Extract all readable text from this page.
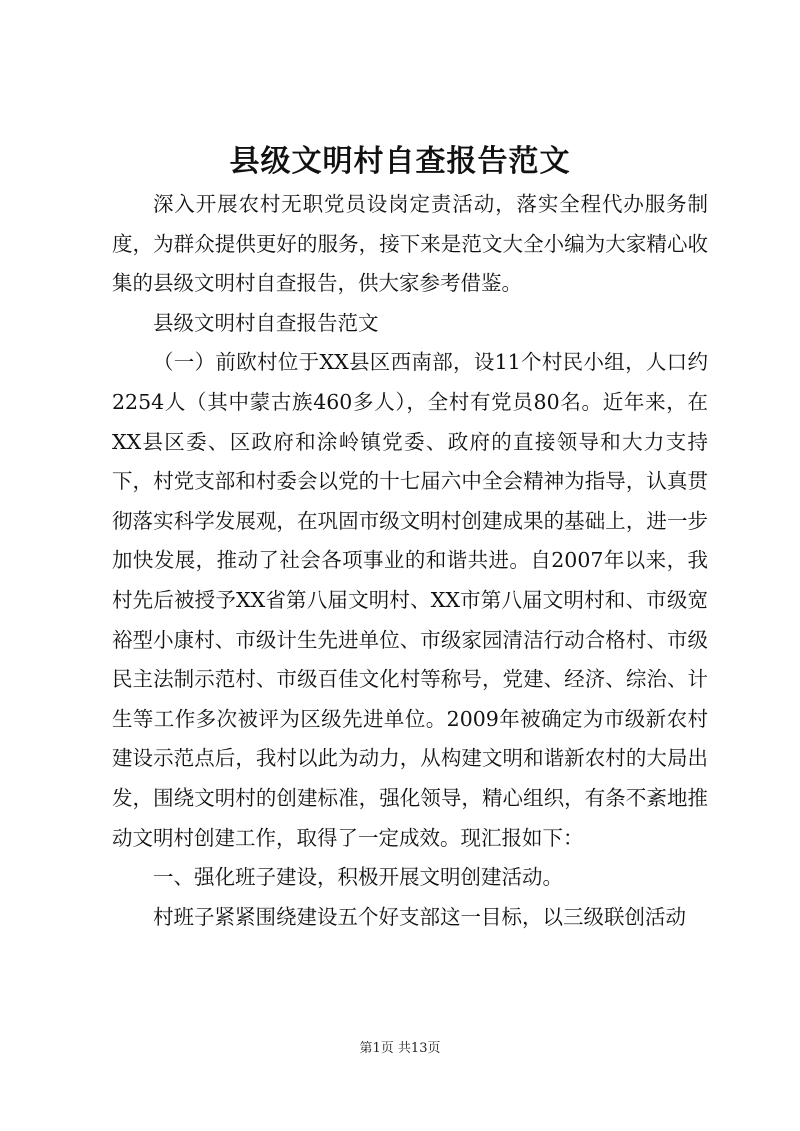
县级文明村自查报告范文

深入开展农村无职党员设岗定责活动，落实全程代办服务制度，为群众提供更好的服务，接下来是范文大全小编为大家精心收集的县级文明村自查报告，供大家参考借鉴。

县级文明村自查报告范文

（一）前欧村位于XX县区西南部，设11个村民小组，人口约2254人（其中蒙古族460多人），全村有党员80名。近年来，在XX县区委、区政府和涂岭镇党委、政府的直接领导和大力支持下，村党支部和村委会以党的十七届六中全会精神为指导，认真贯彻落实科学发展观，在巩固市级文明村创建成果的基础上，进一步加快发展，推动了社会各项事业的和谐共进。自2007年以来，我村先后被授予XX省第八届文明村、XX市第八届文明村和、市级宽裕型小康村、市级计生先进单位、市级家园清洁行动合格村、市级民主法制示范村、市级百佳文化村等称号，党建、经济、综治、计生等工作多次被评为区级先进单位。2009年被确定为市级新农村建设示范点后，我村以此为动力，从构建文明和谐新农村的大局出发，围绕文明村的创建标准，强化领导，精心组织，有条不紊地推动文明村创建工作，取得了一定成效。现汇报如下：

一、强化班子建设，积极开展文明创建活动。

村班子紧紧围绕建设五个好支部这一目标，以三级联创活动

第1页 共13页
